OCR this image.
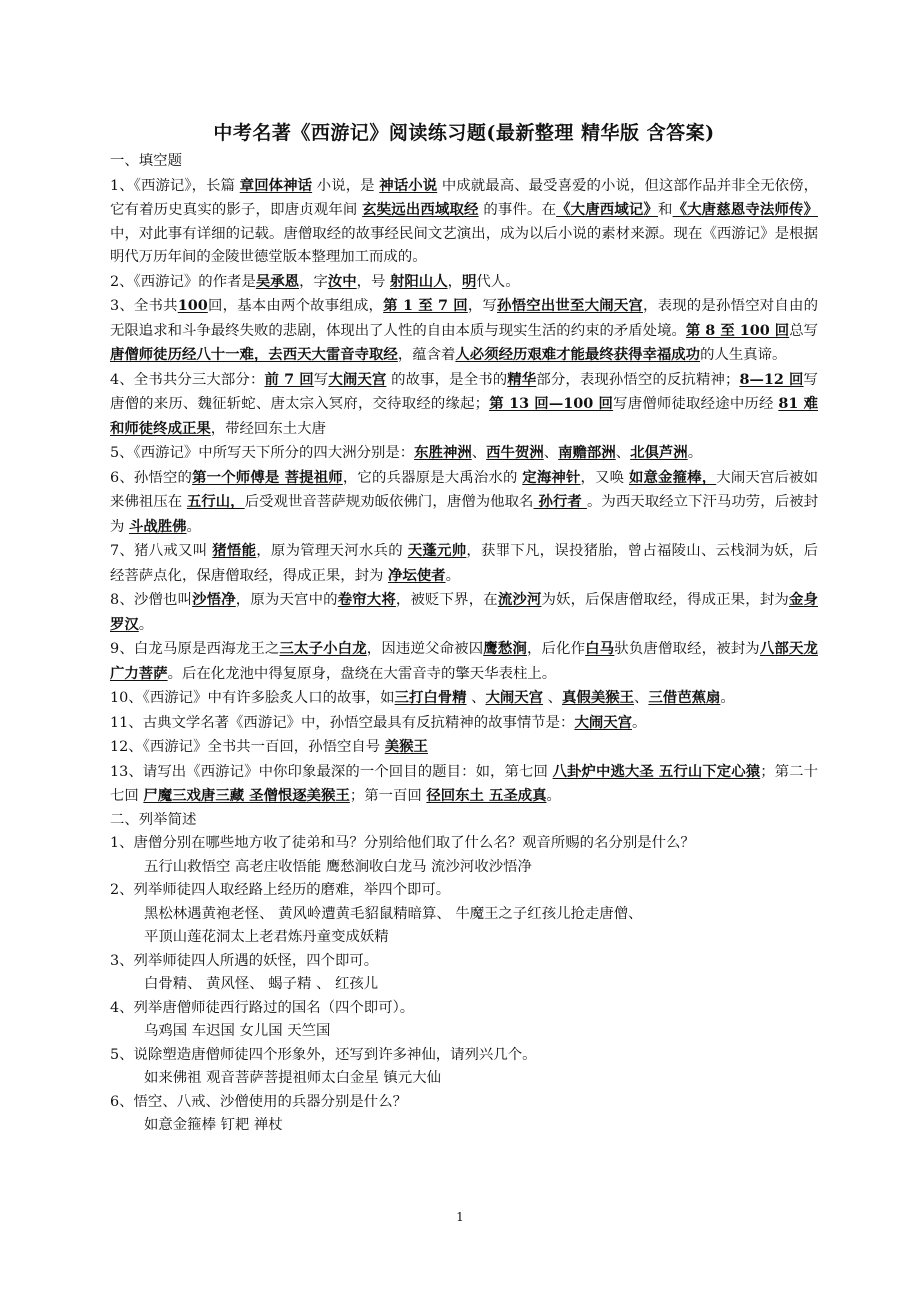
中考名著《西游记》阅读练习题(最新整理 精华版 含答案)
一、填空题
1、《西游记》，长篇 章回体神话 小说，是 神话小说 中成就最高、最受喜爱的小说，但这部作品并非全无依傍，它有着历史真实的影子，即唐贞观年间 玄奘远出西域取经 的事件。在《大唐西域记》和《大唐慈恩寺法师传》中，对此事有详细的记载。唐僧取经的故事经民间文艺演出，成为以后小说的素材来源。现在《西游记》是根据明代万历年间的金陵世德堂版本整理加工而成的。
2、《西游记》的作者是吴承恩，字汝中，号 射阳山人，明代人。
3、全书共100回，基本由两个故事组成，第 1 至 7 回，写孙悟空出世至大闹天宫，表现的是孙悟空对自由的无限追求和斗争最终失败的悲剧，体现出了人性的自由本质与现实生活的约束的矛盾处境。第 8 至 100 回总写唐僧师徒历经八十一难，去西天大雷音寺取经，蕴含着人必须经历艰难才能最终获得幸福成功的人生真谛。
4、全书共分三大部分：前 7 回写大闹天宫 的故事，是全书的精华部分，表现孙悟空的反抗精神；8—12 回写唐僧的来历、魏征斩蛇、唐太宗入冥府，交待取经的缘起；第 13 回—100 回写唐僧师徒取经途中历经 81 难和师徒终成正果，带经回东土大唐
5、《西游记》中所写天下所分的四大洲分别是：东胜神洲、西牛贺洲、南赡部洲、北俱芦洲。
6、孙悟空的第一个师傅是 菩提祖师，它的兵器原是大禹治水的 定海神针，又唤 如意金箍棒，大闹天宫后被如来佛祖压在 五行山，后受观世音菩萨规劝皈依佛门，唐僧为他取名 孙行者 。为西天取经立下汗马功劳，后被封为 斗战胜佛。
7、猪八戒又叫 猪悟能，原为管理天河水兵的 天蓬元帅，获罪下凡，误投猪胎，曾占福陵山、云栈洞为妖，后经菩萨点化，保唐僧取经，得成正果，封为 净坛使者。
8、沙僧也叫沙悟净，原为天宫中的卷帘大将，被贬下界，在流沙河为妖，后保唐僧取经，得成正果，封为金身罗汉。
9、白龙马原是西海龙王之三太子小白龙，因违逆父命被囚鹰愁涧，后化作白马驮负唐僧取经，被封为八部天龙广力菩萨。后在化龙池中得复原身，盘绕在大雷音寺的擎天华表柱上。
10、《西游记》中有许多脍炙人口的故事，如三打白骨精 、大闹天宫 、真假美猴王、三借芭蕉扇。
11、古典文学名著《西游记》中，孙悟空最具有反抗精神的故事情节是：大闹天宫。
12、《西游记》全书共一百回，孙悟空自号 美猴王
13、请写出《西游记》中你印象最深的一个回目的题目：如，第七回 八卦炉中逃大圣 五行山下定心猿；第二十七回 尸魔三戏唐三藏 圣僧恨逐美猴王；第一百回 径回东土 五圣成真。
二、列举简述
1、唐僧分别在哪些地方收了徒弟和马？分别给他们取了什么名？观音所赐的名分别是什么？
五行山救悟空 高老庄收悟能 鹰愁涧收白龙马 流沙河收沙悟净
2、列举师徒四人取经路上经历的磨难，举四个即可。
黑松林遇黄袍老怪、 黄风岭遭黄毛貂鼠精暗算、 牛魔王之子红孩儿抢走唐僧、
平顶山莲花洞太上老君炼丹童变成妖精
3、列举师徒四人所遇的妖怪，四个即可。
白骨精、 黄风怪、 蝎子精 、 红孩儿
4、列举唐僧师徒西行路过的国名（四个即可）。
乌鸡国 车迟国 女儿国 天竺国
5、说除塑造唐僧师徒四个形象外，还写到许多神仙，请列兴几个。
如来佛祖 观音菩萨菩提祖师太白金星 镇元大仙
6、悟空、八戒、沙僧使用的兵器分别是什么？
如意金箍棒 钉耙 禅杖
1
